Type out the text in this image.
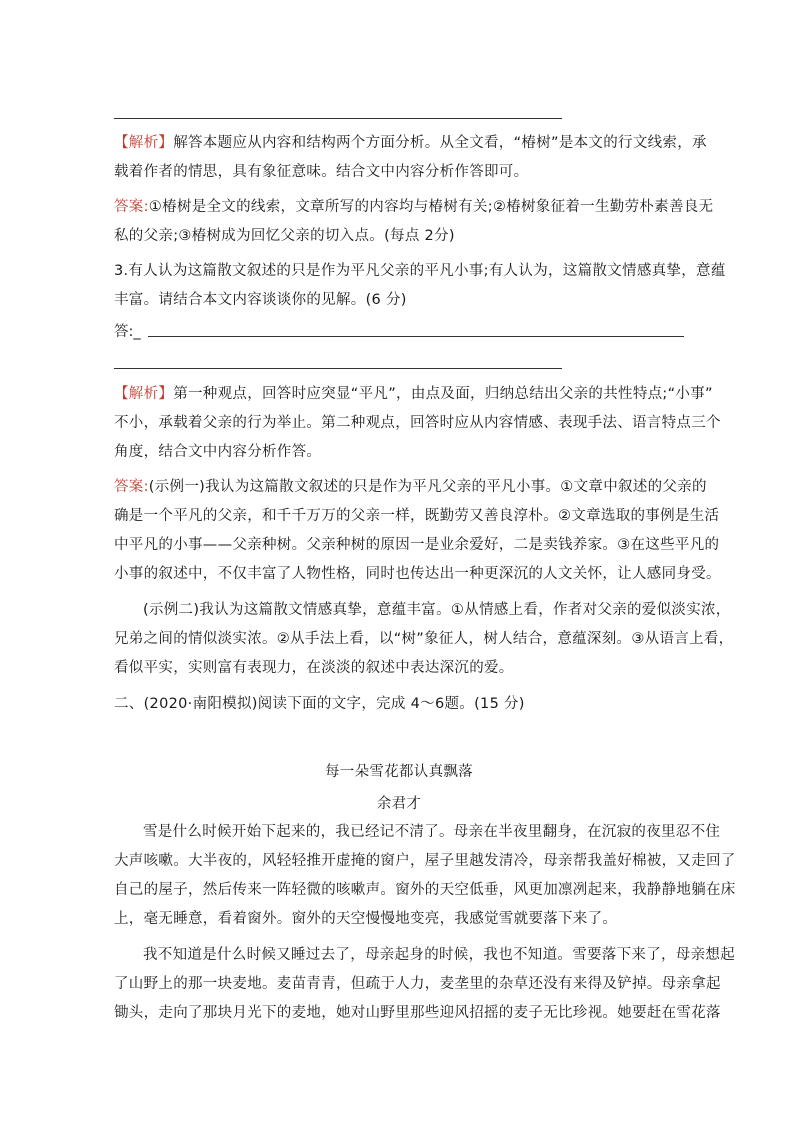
【解析】解答本题应从内容和结构两个方面分析。从全文看，“椿树”是本文的行文线索，承
载着作者的情思，具有象征意味。结合文中内容分析作答即可。
答案:①椿树是全文的线索，文章所写的内容均与椿树有关;②椿树象征着一生勤劳朴素善良无
私的父亲;③椿树成为回忆父亲的切入点。(每点 2分)
3.有人认为这篇散文叙述的只是作为平凡父亲的平凡小事;有人认为，这篇散文情感真挚，意蕴
丰富。请结合本文内容谈谈你的见解。(6 分)
答:_
【解析】第一种观点，回答时应突显“平凡”，由点及面，归纳总结出父亲的共性特点;“小事”
不小，承载着父亲的行为举止。第二种观点，回答时应从内容情感、表现手法、语言特点三个
角度，结合文中内容分析作答。
答案:(示例一)我认为这篇散文叙述的只是作为平凡父亲的平凡小事。①文章中叙述的父亲的
确是一个平凡的父亲，和千千万万的父亲一样，既勤劳又善良淳朴。②文章选取的事例是生活
中平凡的小事——父亲种树。父亲种树的原因一是业余爱好，二是卖钱养家。③在这些平凡的
小事的叙述中，不仅丰富了人物性格，同时也传达出一种更深沉的人文关怀，让人感同身受。
(示例二)我认为这篇散文情感真挚，意蕴丰富。①从情感上看，作者对父亲的爱似淡实浓，
兄弟之间的情似淡实浓。②从手法上看，以“树”象征人，树人结合，意蕴深刻。③从语言上看，
看似平实，实则富有表现力，在淡淡的叙述中表达深沉的爱。
二、(2020·南阳模拟)阅读下面的文字，完成 4～6题。(15 分)
每一朵雪花都认真飘落
余君才
雪是什么时候开始下起来的，我已经记不清了。母亲在半夜里翻身，在沉寂的夜里忍不住
大声咳嗽。大半夜的，风轻轻推开虚掩的窗户，屋子里越发清冷，母亲帮我盖好棉被，又走回了
自己的屋子，然后传来一阵轻微的咳嗽声。窗外的天空低垂，风更加凛冽起来，我静静地躺在床
上，毫无睡意，看着窗外。窗外的天空慢慢地变亮，我感觉雪就要落下来了。
我不知道是什么时候又睡过去了，母亲起身的时候，我也不知道。雪要落下来了，母亲想起
了山野上的那一块麦地。麦苗青青，但疏于人力，麦垄里的杂草还没有来得及铲掉。母亲拿起
锄头，走向了那块月光下的麦地，她对山野里那些迎风招摇的麦子无比珍视。她要赶在雪花落
